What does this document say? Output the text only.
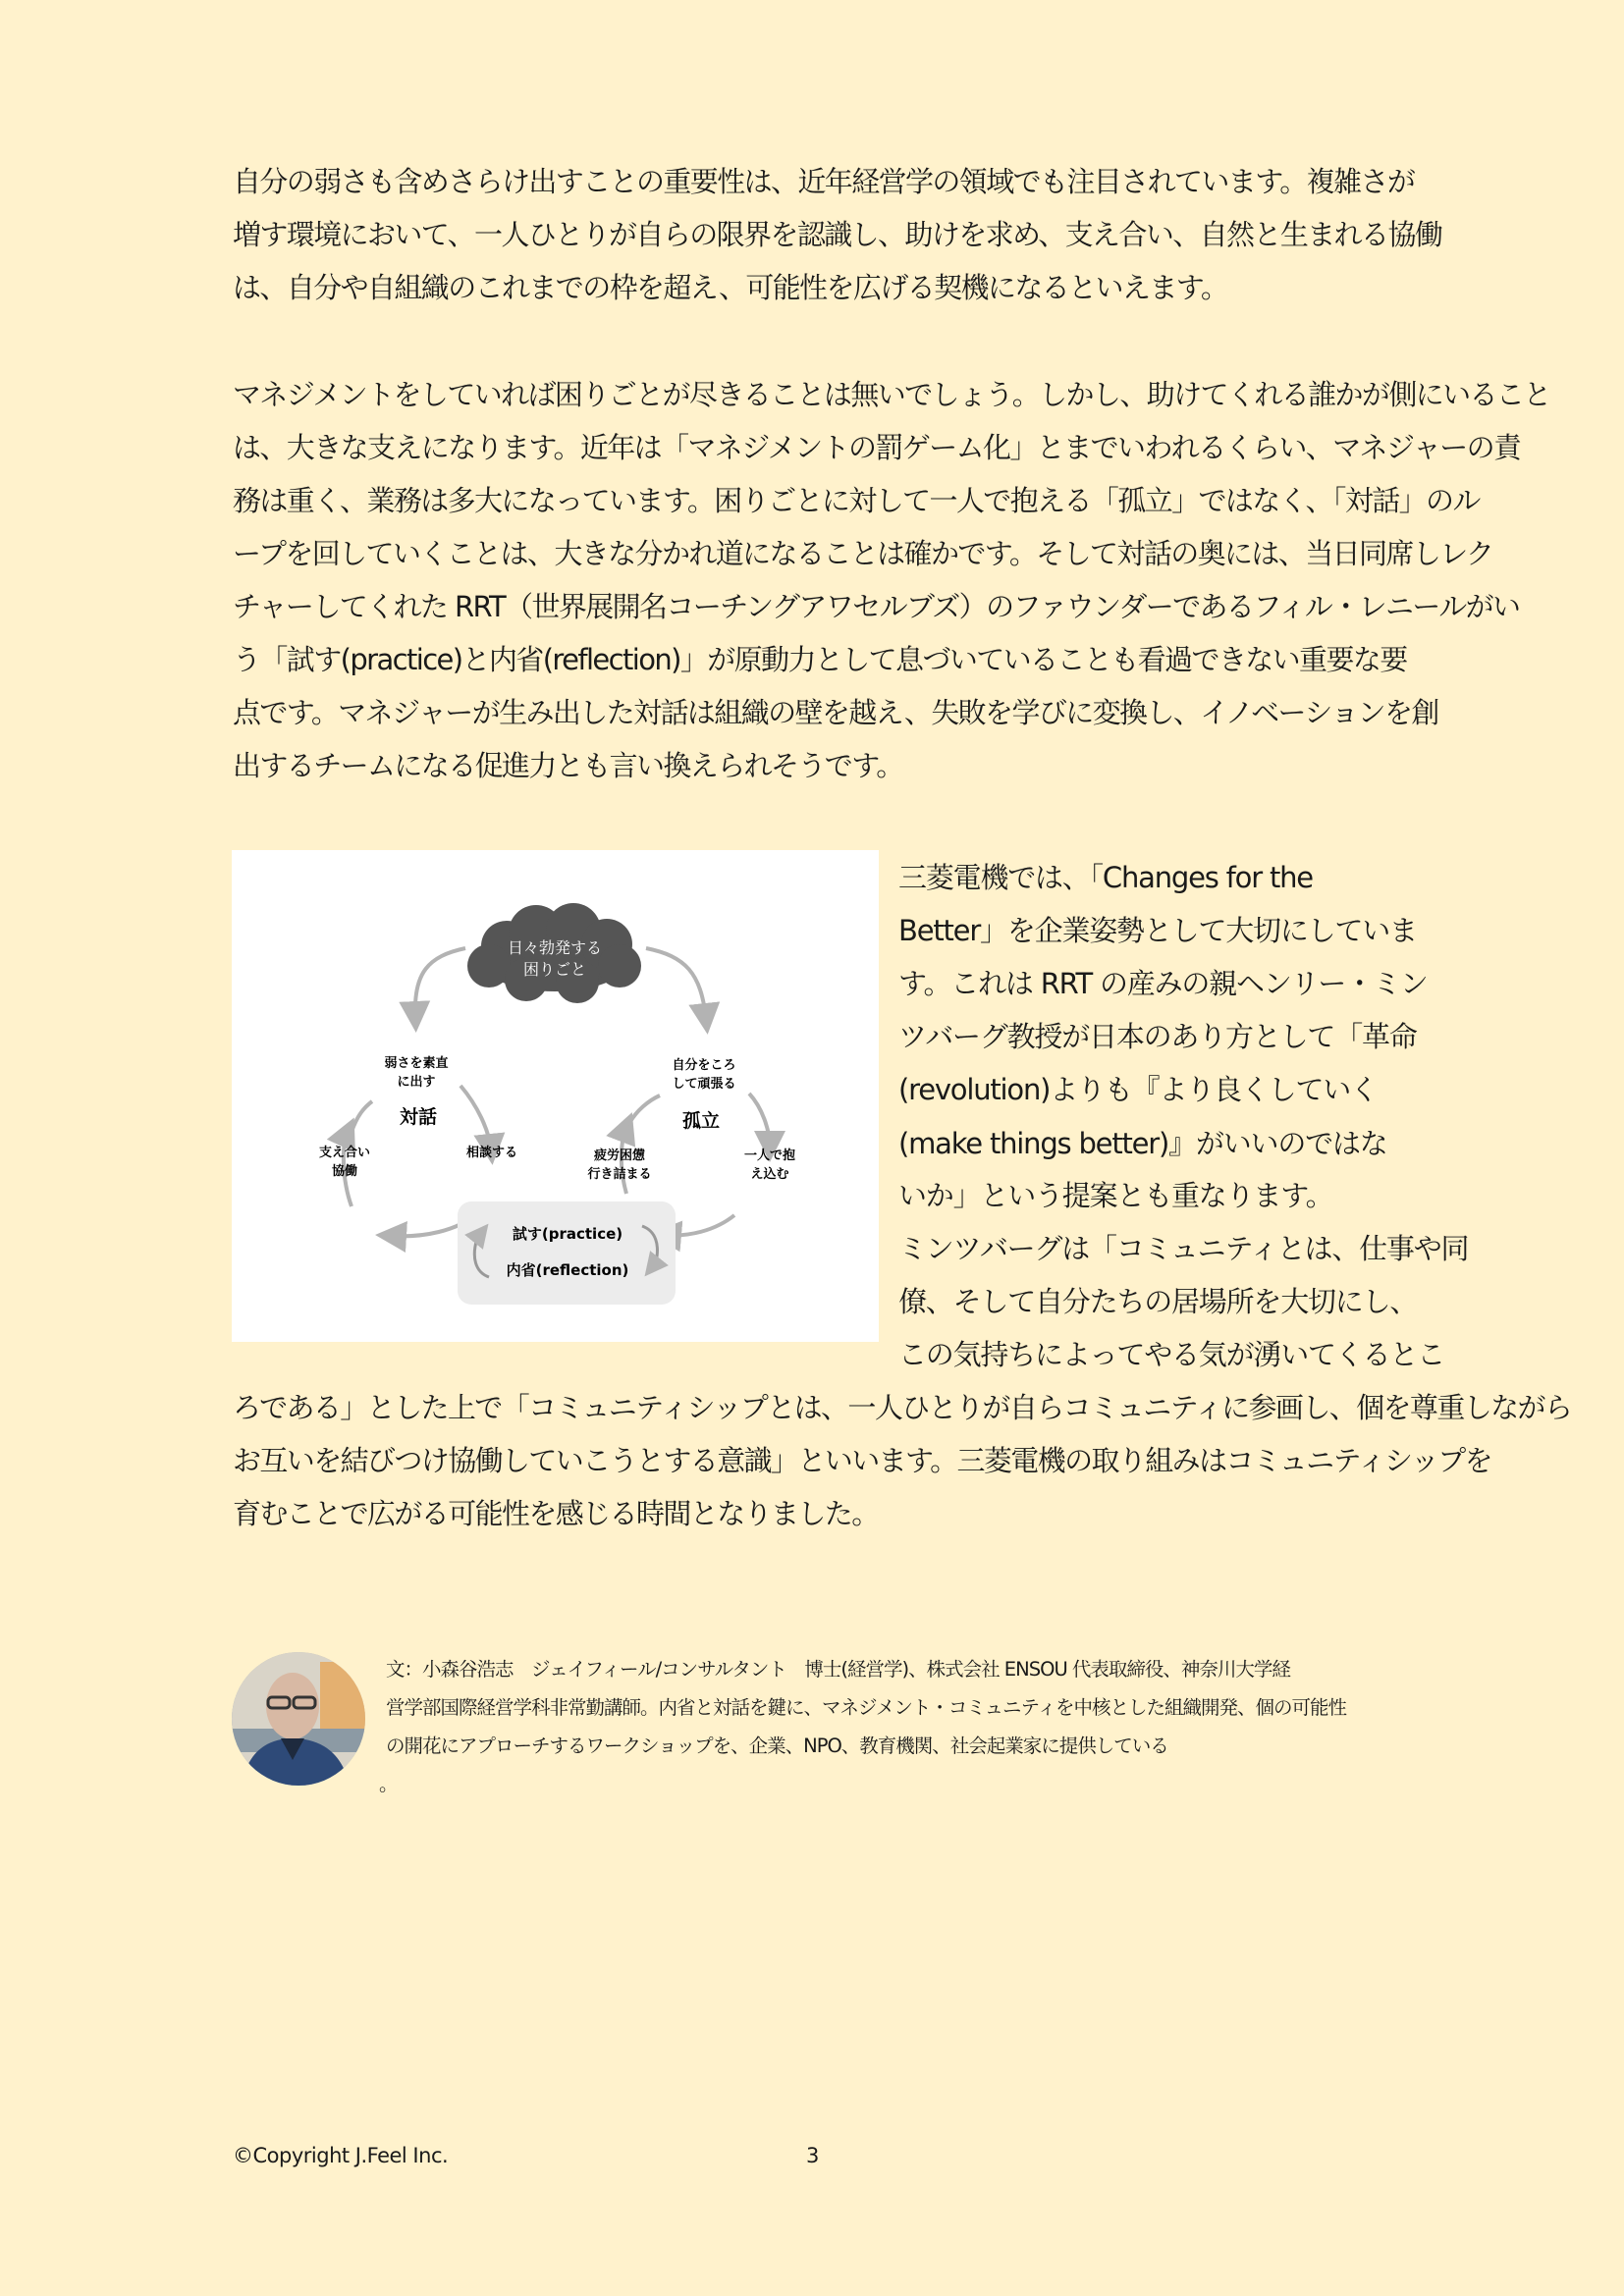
自分の弱さも含めさらけ出すことの重要性は、近年経営学の領域でも注目されています。複雑さが
増す環境において、一人ひとりが自らの限界を認識し、助けを求め、支え合い、自然と生まれる協働
は、自分や自組織のこれまでの枠を超え、可能性を広げる契機になるといえます。
マネジメントをしていれば困りごとが尽きることは無いでしょう。しかし、助けてくれる誰かが側にいること
は、大きな支えになります。近年は「マネジメントの罰ゲーム化」とまでいわれるくらい、マネジャーの責
務は重く、業務は多大になっています。困りごとに対して一人で抱える「孤立」ではなく、「対話」のル
ープを回していくことは、大きな分かれ道になることは確かです。そして対話の奥には、当日同席しレク
チャーしてくれた RRT（世界展開名コーチングアワセルブズ）のファウンダーであるフィル・レニールがい
う「試す(practice)と内省(reflection)」が原動力として息づいていることも看過できない重要な要
点です。マネジャーが生み出した対話は組織の壁を越え、失敗を学びに変換し、イノベーションを創
出するチームになる促進力とも言い換えられそうです。
日々勃発する
困りごと
弱さを素直
に出す
対話
相談する
支え合い
協働
自分をころ
して頑張る
孤立
一人で抱
え込む
疲労困憊
行き詰まる
試す(practice)
内省(reflection)
三菱電機では、「Changes for the
Better」を企業姿勢として大切にしていま
す。これは RRT の産みの親ヘンリー・ミン
ツバーグ教授が日本のあり方として「革命
(revolution)よりも『より良くしていく
(make things better)』がいいのではな
いか」という提案とも重なります。
ミンツバーグは「コミュニティとは、仕事や同
僚、そして自分たちの居場所を大切にし、
この気持ちによってやる気が湧いてくるとこ
ろである」とした上で「コミュニティシップとは、一人ひとりが自らコミュニティに参画し、個を尊重しながら
お互いを結びつけ協働していこうとする意識」といいます。三菱電機の取り組みはコミュニティシップを
育むことで広がる可能性を感じる時間となりました。
文：小森谷浩志　ジェイフィール/コンサルタント　博士(経営学)、株式会社 ENSOU 代表取締役、神奈川大学経
営学部国際経営学科非常勤講師。内省と対話を鍵に、マネジメント・コミュニティを中核とした組織開発、個の可能性
の開花にアプローチするワークショップを、企業、NPO、教育機関、社会起業家に提供している
。
©Copyright J.Feel Inc.	3
